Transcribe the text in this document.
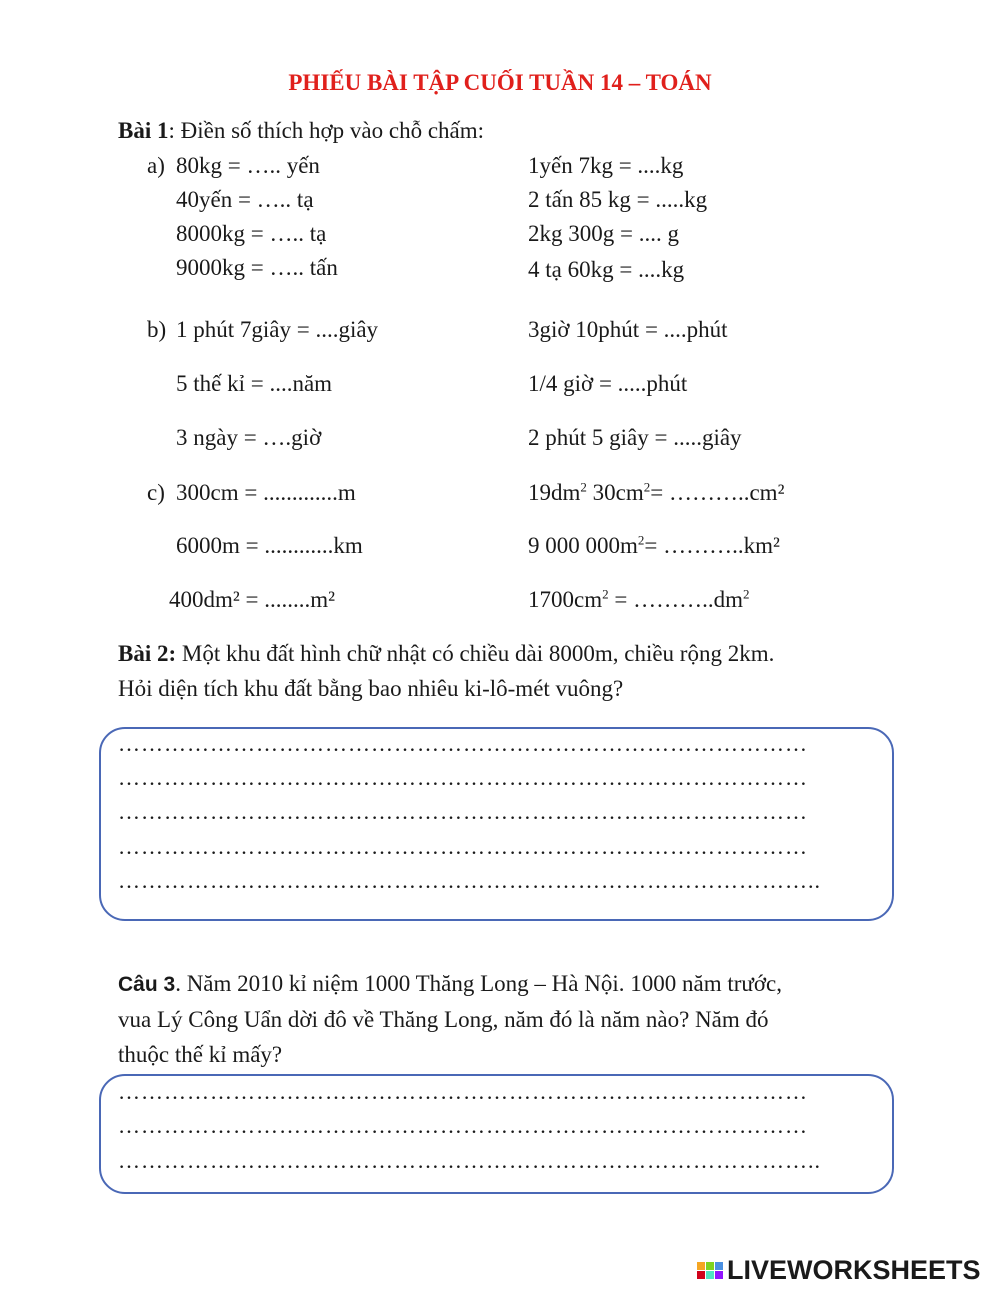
PHIẾU BÀI TẬP CUỐI TUẦN 14 – TOÁN
Bài 1: Điền số thích hợp vào chỗ chấm:
a) 80kg = ….. yến
40yến = ….. tạ
8000kg = ….. tạ
9000kg = ….. tấn
1yến 7kg = ....kg
2 tấn 85 kg = .....kg
2kg 300g = .... g
4 tạ 60kg = ....kg
b) 1 phút 7giây = ....giây
5 thế kỉ = ....năm
3 ngày = ….giờ
3giờ 10phút = ....phút
1/4 giờ = .....phút
2 phút 5 giây = .....giây
c) 300cm = .............m
6000m = ............km
400dm² = ........m²
$19dm^2$ $30cm^2=$ ………..cm²
9 000 $000m^2=$ ………..km²
$1700cm^2$ = $\dots\dots\dots..dm^2$
Bài 2: Một khu đất hình chữ nhật có chiều dài 8000m, chiều rộng 2km.
Hỏi diện tích khu đất bằng bao nhiêu ki-lô-mét vuông?
………………………………………………………………………………
………………………………………………………………………………
………………………………………………………………………………
………………………………………………………………………………
………………………………………………………………………………..
Câu 3. Năm 2010 kỉ niệm 1000 Thăng Long – Hà Nội. 1000 năm trước,
vua Lý Công Uẩn dời đô về Thăng Long, năm đó là năm nào? Năm đó
thuộc thế kỉ mấy?
………………………………………………………………………………
………………………………………………………………………………
………………………………………………………………………………..
LIVEWORKSHEETS
